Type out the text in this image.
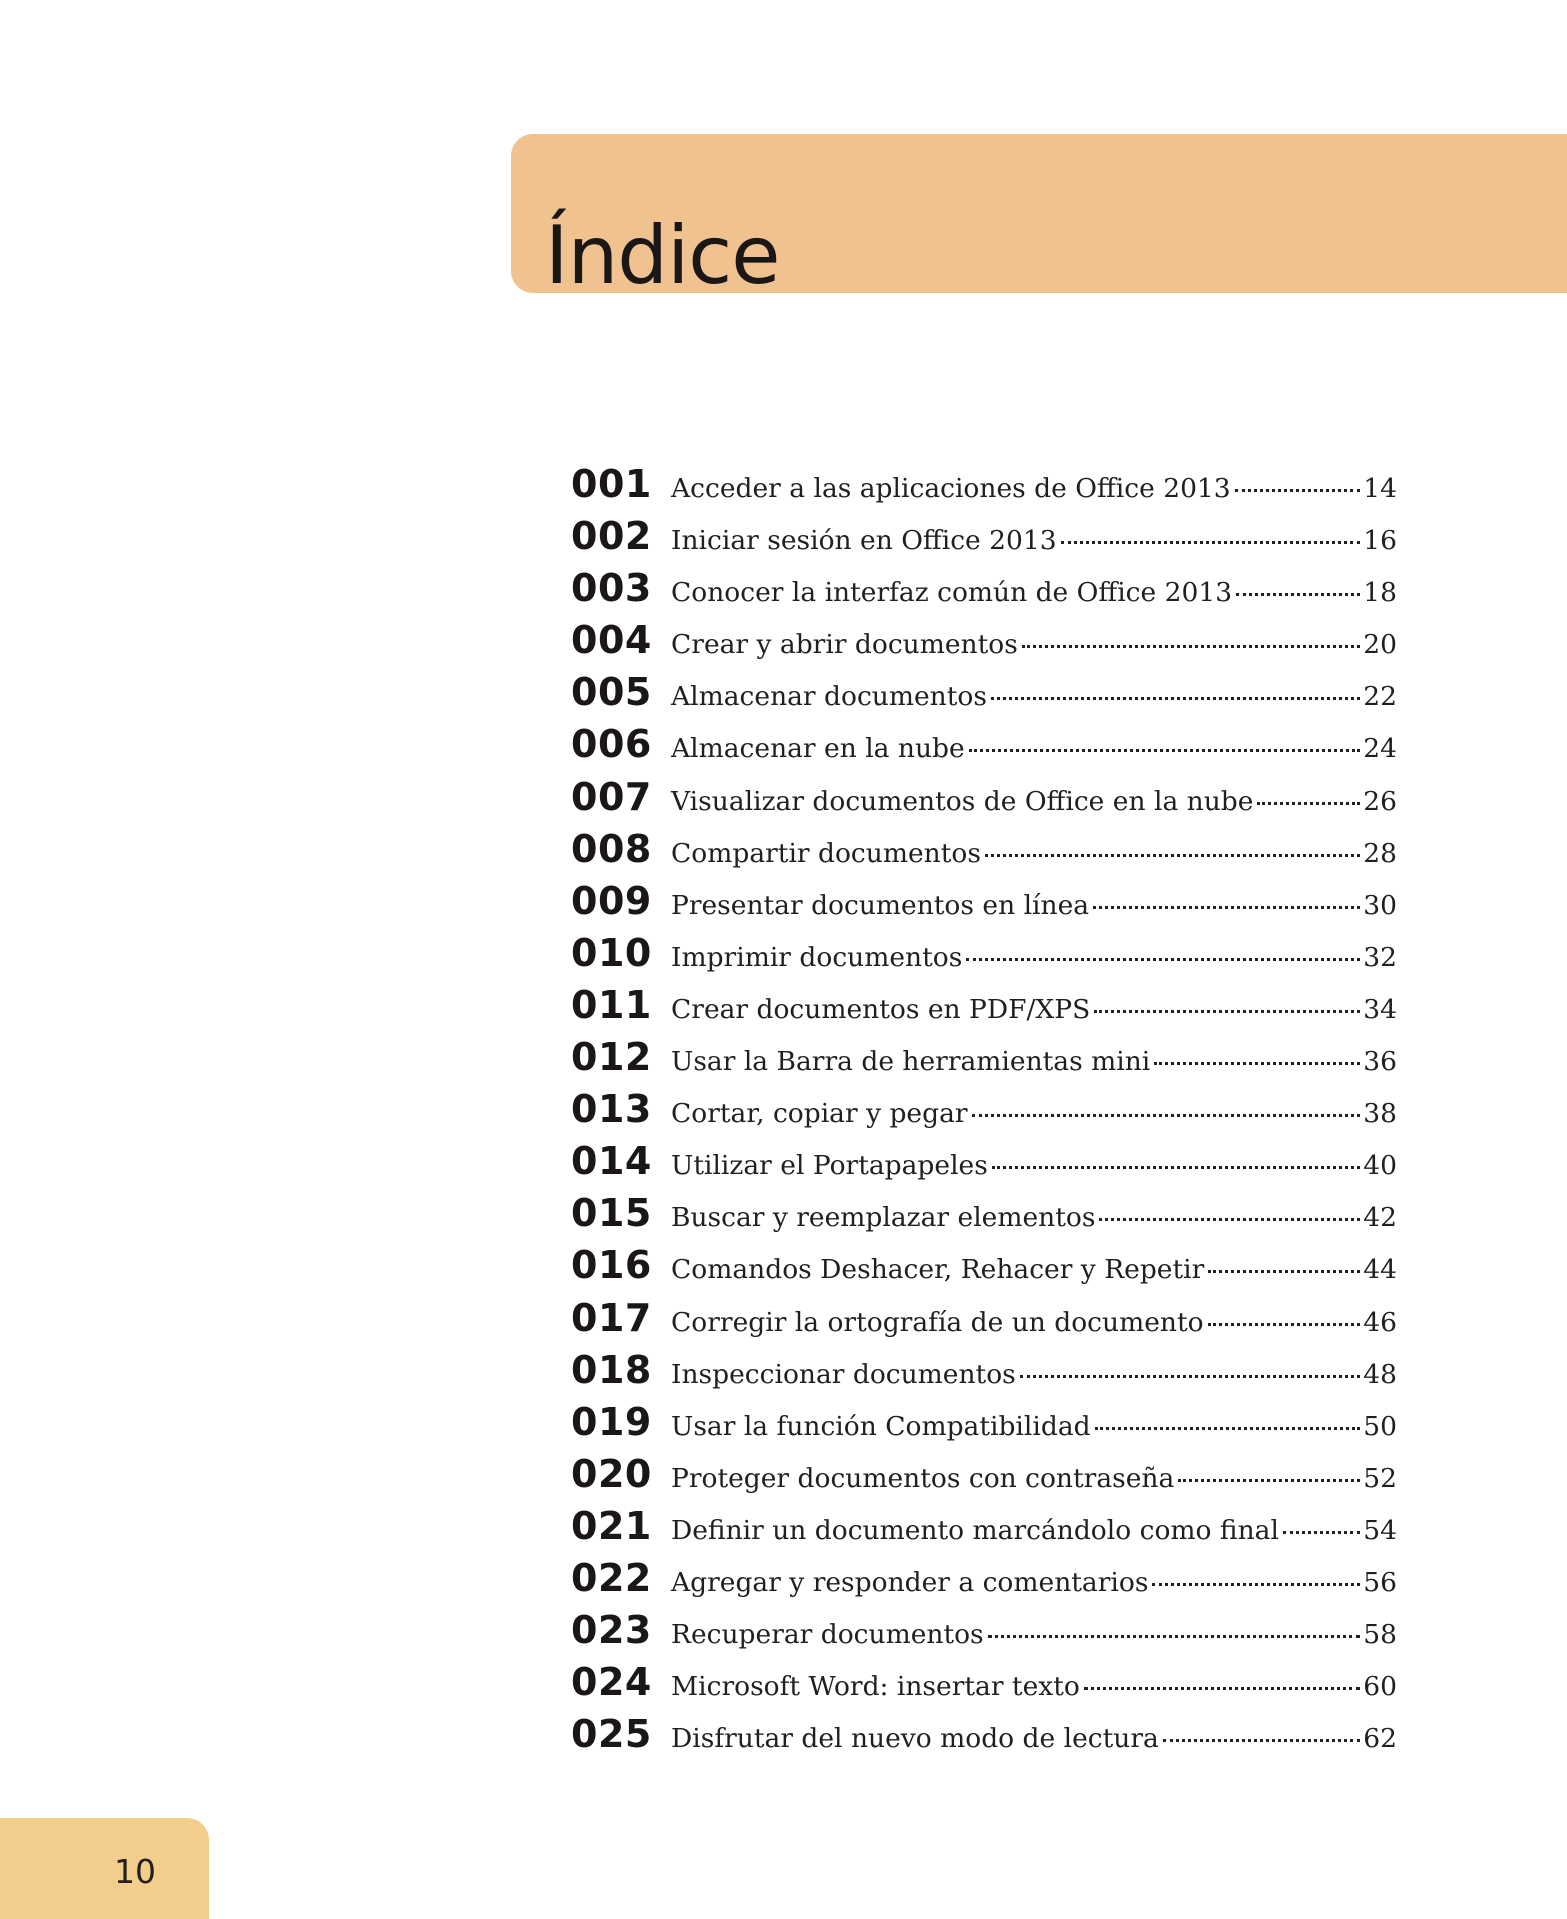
Índice
001 Acceder a las aplicaciones de Office 2013	14
002 Iniciar sesión en Office 2013	16
003 Conocer la interfaz común de Office 2013	18
004 Crear y abrir documentos	20
005 Almacenar documentos	22
006 Almacenar en la nube	24
007 Visualizar documentos de Office en la nube	26
008 Compartir documentos	28
009 Presentar documentos en línea	30
010 Imprimir documentos	32
011 Crear documentos en PDF/XPS	34
012 Usar la Barra de herramientas mini	36
013 Cortar, copiar y pegar	38
014 Utilizar el Portapapeles	40
015 Buscar y reemplazar elementos	42
016 Comandos Deshacer, Rehacer y Repetir	44
017 Corregir la ortografía de un documento	46
018 Inspeccionar documentos	48
019 Usar la función Compatibilidad	50
020 Proteger documentos con contraseña	52
021 Definir un documento marcándolo como final	54
022 Agregar y responder a comentarios	56
023 Recuperar documentos	58
024 Microsoft Word: insertar texto	60
025 Disfrutar del nuevo modo de lectura	62
10
